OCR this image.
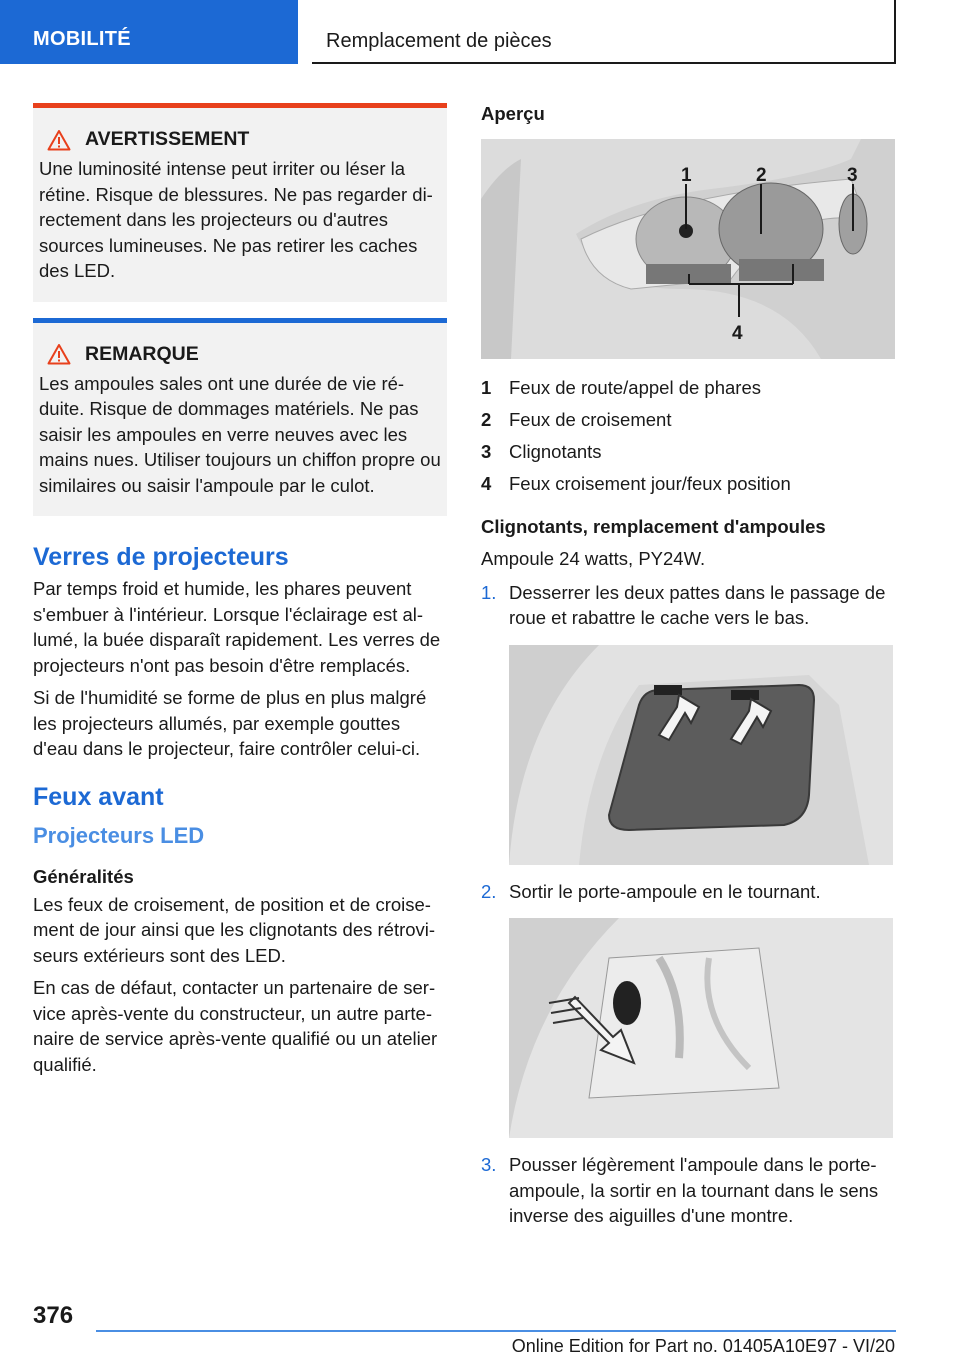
MOBILITÉ	Remplacement de pièces
AVERTISSEMENT
Une luminosité intense peut irriter ou léser la rétine. Risque de blessures. Ne pas regarder di-rectement dans les projecteurs ou d'autres sources lumineuses. Ne pas retirer les caches des LED.
REMARQUE
Les ampoules sales ont une durée de vie ré-duite. Risque de dommages matériels. Ne pas saisir les ampoules en verre neuves avec les mains nues. Utiliser toujours un chiffon propre ou similaires ou saisir l'ampoule par le culot.
Verres de projecteurs

Par temps froid et humide, les phares peuvent s'embuer à l'intérieur. Lorsque l'éclairage est al-lumé, la buée disparaît rapidement. Les verres de projecteurs n'ont pas besoin d'être remplacés.

Si de l'humidité se forme de plus en plus malgré les projecteurs allumés, par exemple gouttes d'eau dans le projecteur, faire contrôler celui-ci.

Feux avant
Projecteurs LED
Généralités

Les feux de croisement, de position et de croise-ment de jour ainsi que les clignotants des rétrovi-seurs extérieurs sont des LED.

En cas de défaut, contacter un partenaire de ser-vice après-vente du constructeur, un autre parte-naire de service après-vente qualifié ou un atelier qualifié.

Aperçu
1	2	3
4
1 Feux de route/appel de phares
2 Feux de croisement
3 Clignotants
4 Feux croisement jour/feux position
Clignotants, remplacement d'ampoules

Ampoule 24 watts, PY24W.

1. Desserrer les deux pattes dans le passage de roue et rabattre le cache vers le bas.
2. Sortir le porte-ampoule en le tournant.
3. Pousser légèrement l'ampoule dans le porte-ampoule, la sortir en la tournant dans le sens inverse des aiguilles d'une montre.
376
Online Edition for Part no. 01405A10E97 - VI/20
